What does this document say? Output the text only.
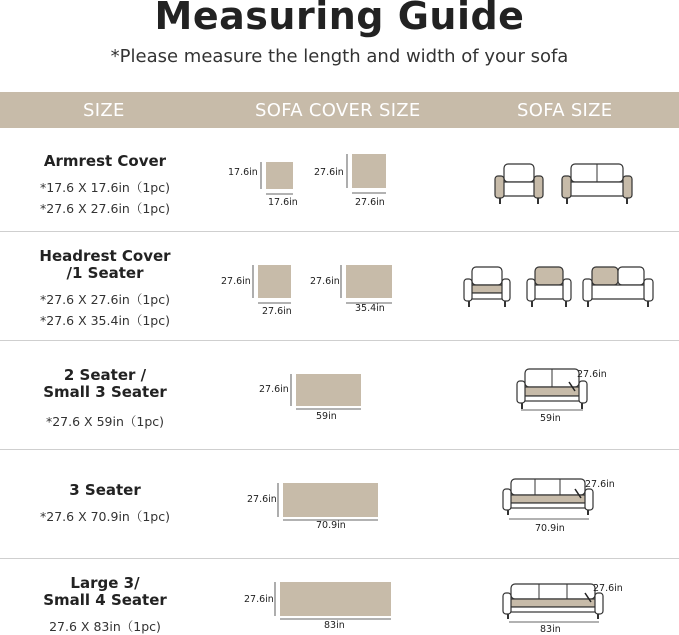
Measuring Guide
*Please measure the length and width of your sofa
SIZE	SOFA COVER SIZE	SOFA SIZE
Armrest Cover
*17.6 X 17.6in（1pc)
*27.6 X 27.6in（1pc)
17.6in
17.6in
27.6in
27.6in
Headrest Cover
/1 Seater
*27.6 X 27.6in（1pc)
*27.6 X 35.4in（1pc)
27.6in
27.6in
27.6in
35.4in
2 Seater /
Small 3 Seater
*27.6 X 59in（1pc)
27.6in
59in
27.6in
59in
3 Seater
*27.6 X 70.9in（1pc)
27.6in
70.9in
27.6in
70.9in
Large 3/
Small 4 Seater
27.6 X 83in（1pc)
27.6in
83in
27.6in
83in
